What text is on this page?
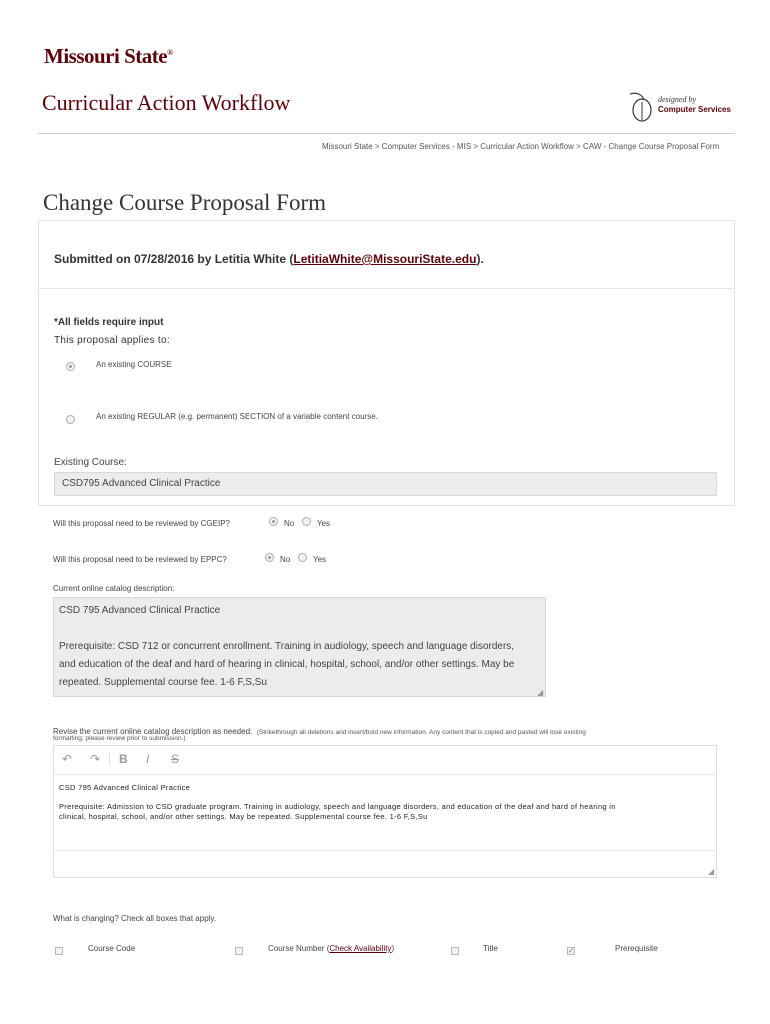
Missouri State®
Curricular Action Workflow	designed by
Computer Services
Missouri State > Computer Services - MIS > Curricular Action Workflow > CAW - Change Course Proposal Form
Change Course Proposal Form
Submitted on 07/28/2016 by Letitia White (LetitiaWhite@MissouriState.edu).
*All fields require input
This proposal applies to:
An existing COURSE
An existing REGULAR (e.g. permanent) SECTION of a variable content course.
Existing Course:
CSD795 Advanced Clinical Practice
Will this proposal need to be reviewed by CGEIP?	No	Yes
Will this proposal need to be reviewed by EPPC?	No	Yes
Current online catalog description:
CSD 795 Advanced Clinical Practice
Prerequisite: CSD 712 or concurrent enrollment. Training in audiology, speech and language disorders,
and education of the deaf and hard of hearing in clinical, hospital, school, and/or other settings. May be
repeated. Supplemental course fee. 1-6 F,S,Su
◢
Revise the current online catalog description as needed: (Strikethrough all deletions and insert/bold new information. Any content that is copied and pasted will lose existing
formatting; please review prior to submission.)
↶ ↷ B I S
CSD 795 Advanced Clinical Practice
Prerequisite: Admission to CSD graduate program. Training in audiology, speech and language disorders, and education of the deaf and hard of hearing in
clinical, hospital, school, and/or other settings. May be repeated. Supplemental course fee. 1-6 F,S,Su
◢
What is changing? Check all boxes that apply.
Course Code	Course Number (Check Availability)	Title	✓	Prerequisite
